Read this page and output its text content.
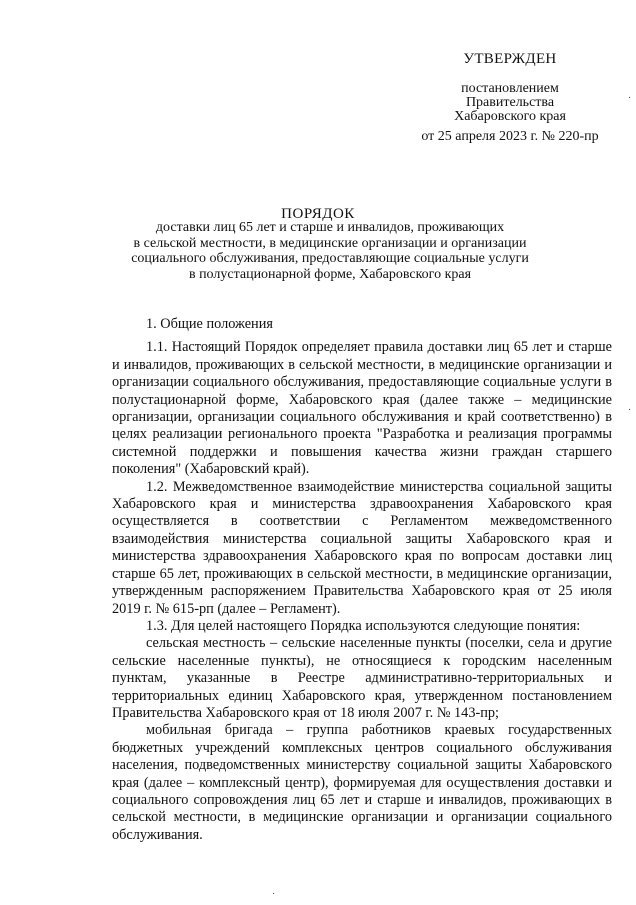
УТВЕРЖДЕН
постановлением
Правительства
Хабаровского края
от 25 апреля 2023 г. № 220-пр
ПОРЯДОК
доставки лиц 65 лет и старше и инвалидов, проживающих
в сельской местности, в медицинские организации и организации
социального обслуживания, предоставляющие социальные услуги
в полустационарной форме, Хабаровского края

1. Общие положения

1.1. Настоящий Порядок определяет правила доставки лиц 65 лет и старше и инвалидов, проживающих в сельской местности, в медицинские организации и организации социального обслуживания, предоставляющие социальные услуги в полустационарной форме, Хабаровского края (далее также – медицинские организации, организации социального обслуживания и край соответственно) в целях реализации регионального проекта "Разработка и реализация программы системной поддержки и повышения качества жизни граждан старшего поколения" (Хабаровский край).

1.2. Межведомственное взаимодействие министерства социальной защиты Хабаровского края и министерства здравоохранения Хабаровского края осуществляется в соответствии с Регламентом межведомственного взаимодействия министерства социальной защиты Хабаровского края и министерства здравоохранения Хабаровского края по вопросам доставки лиц старше 65 лет, проживающих в сельской местности, в медицинские организации, утвержденным распоряжением Правительства Хабаровского края от 25 июля 2019 г. № 615-рп (далее – Регламент).

1.3. Для целей настоящего Порядка используются следующие понятия:

сельская местность – сельские населенные пункты (поселки, села и другие сельские населенные пункты), не относящиеся к городским населенным пунктам, указанные в Реестре административно-территориальных и территориальных единиц Хабаровского края, утвержденном постановлением Правительства Хабаровского края от 18 июля 2007 г. № 143-пр;

мобильная бригада – группа работников краевых государственных бюджетных учреждений комплексных центров социального обслуживания населения, подведомственных министерству социальной защиты Хабаровского края (далее – комплексный центр), формируемая для осуществления доставки и социального сопровождения лиц 65 лет и старше и инвалидов, проживающих в сельской местности, в медицинские организации и организации социального обслуживания.

·
·
·
